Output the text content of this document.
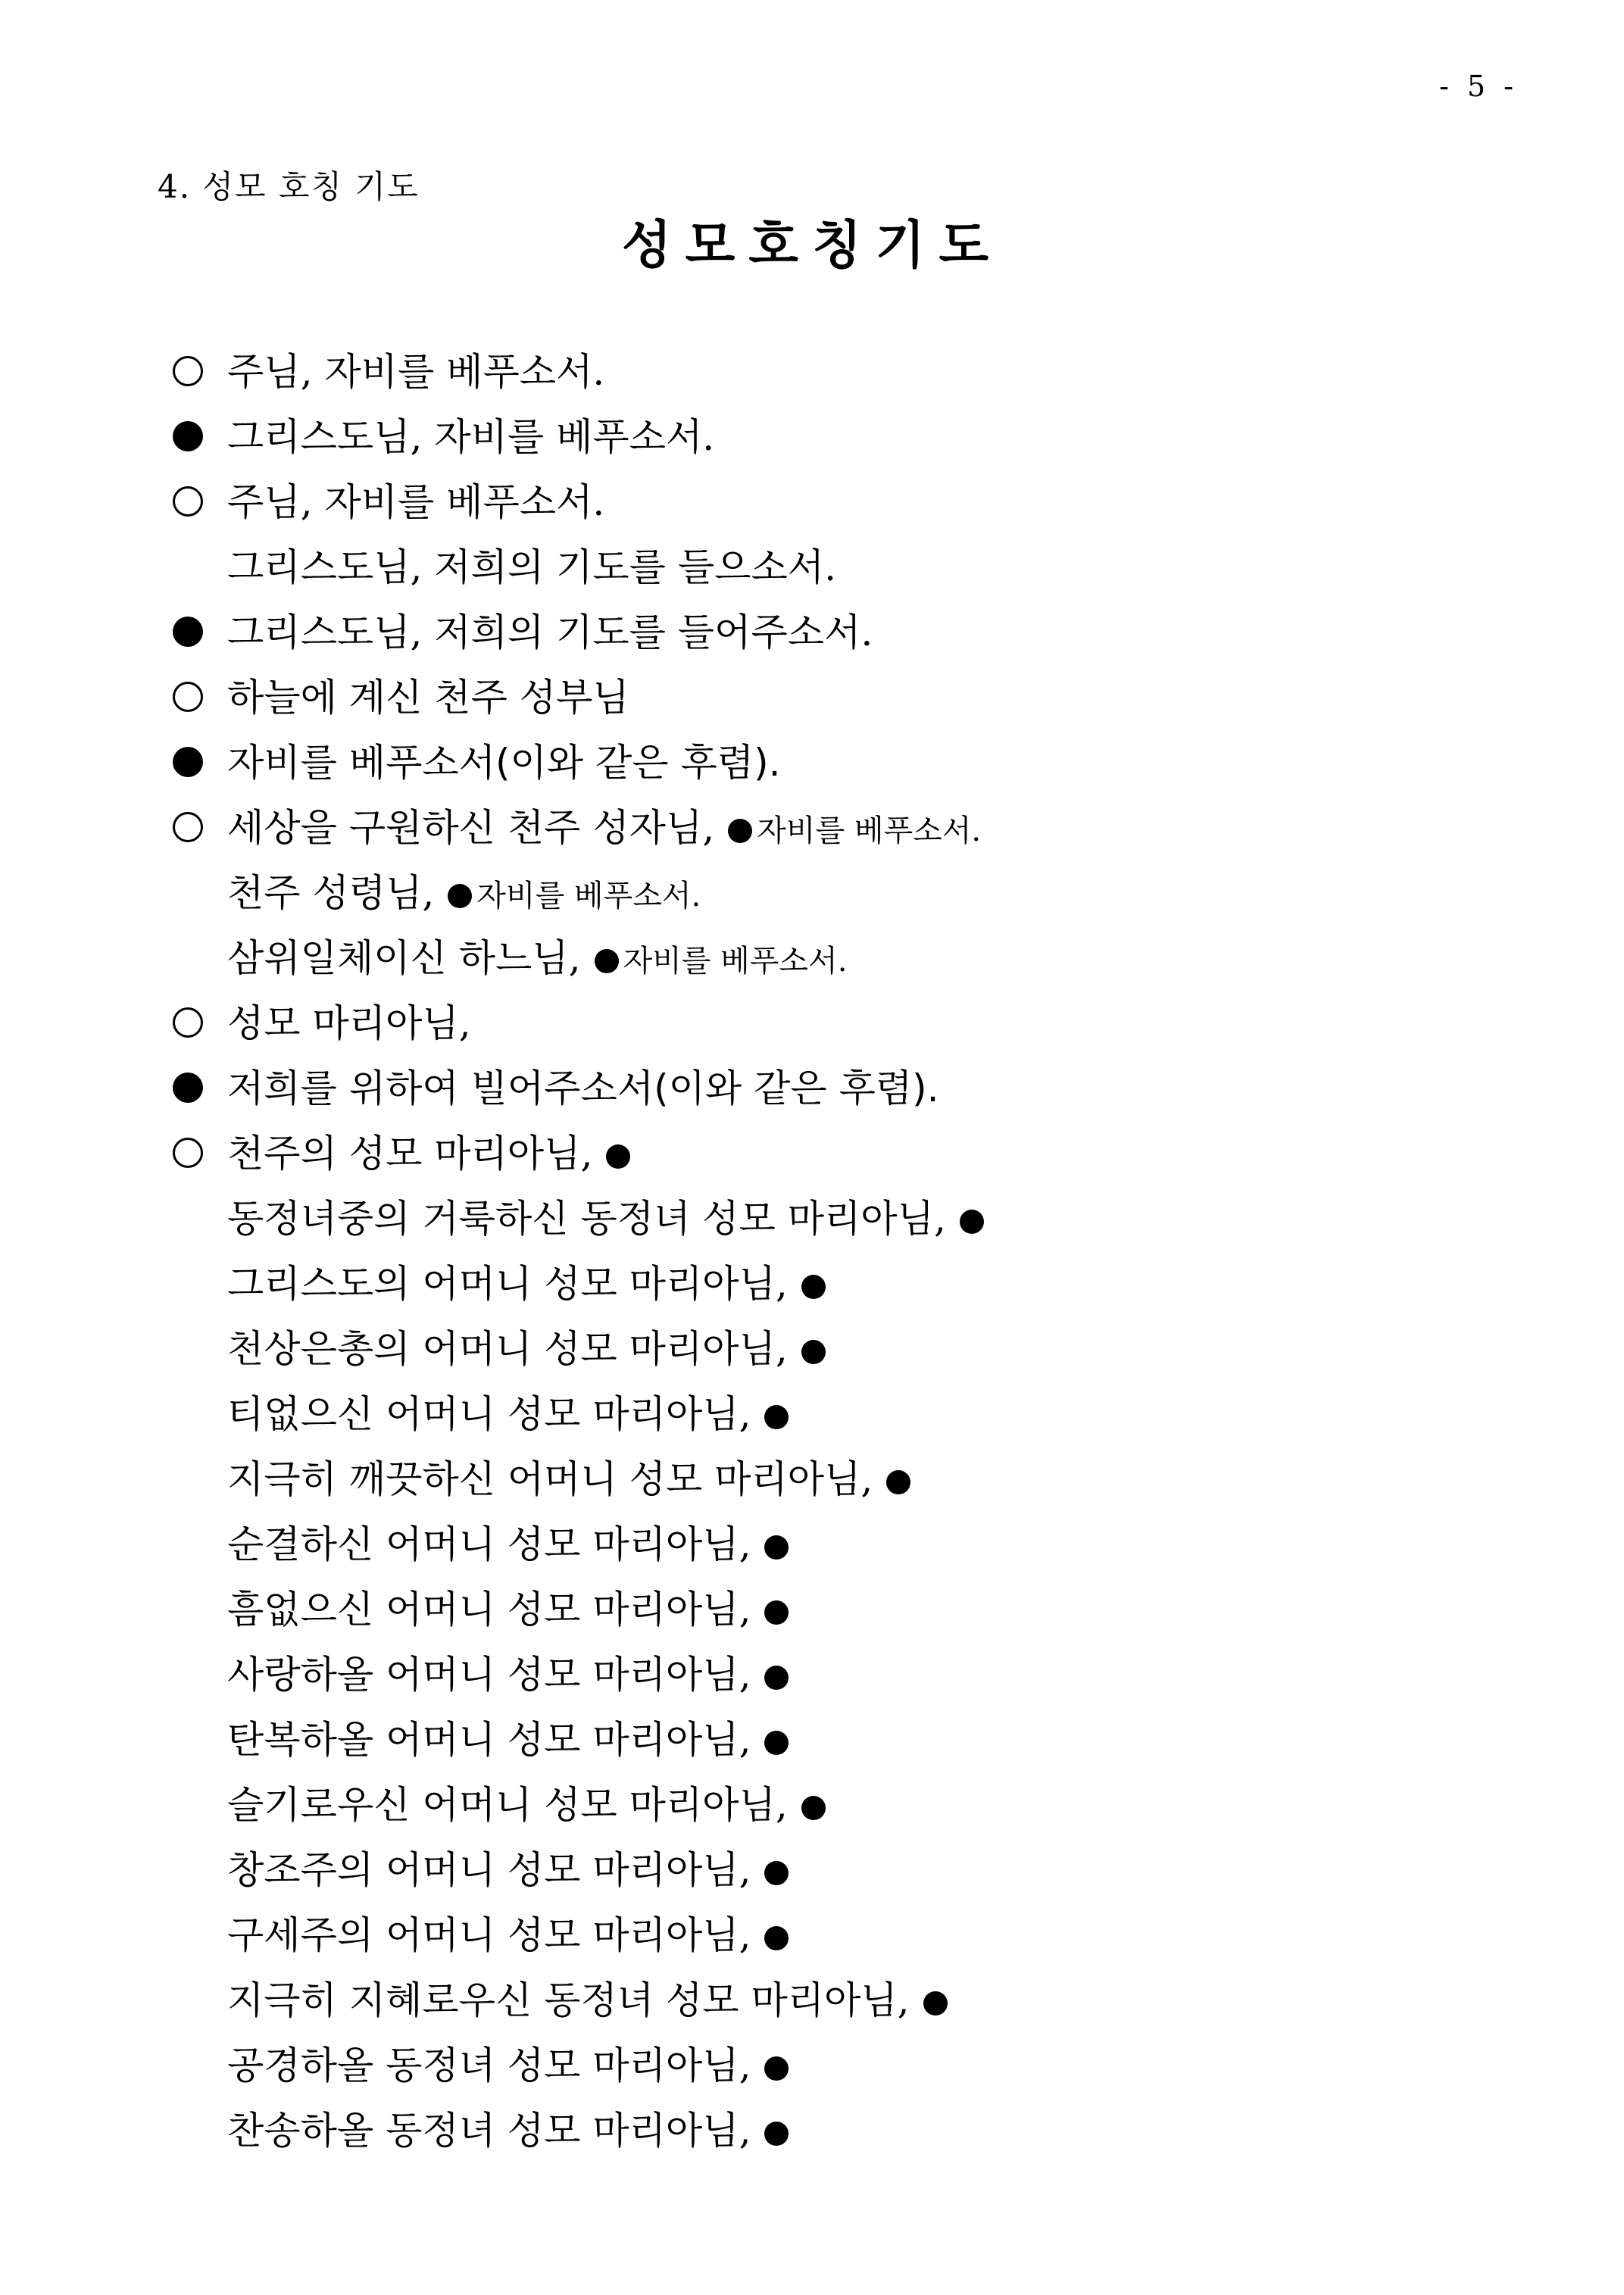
- 5 -
4. 성모 호칭 기도
성모호칭기도
주님, 자비를 베푸소서.
그리스도님, 자비를 베푸소서.
주님, 자비를 베푸소서.
그리스도님, 저희의 기도를 들으소서.
그리스도님, 저희의 기도를 들어주소서.
하늘에 계신 천주 성부님
자비를 베푸소서(이와 같은 후렴).
세상을 구원하신 천주 성자님, 자비를 베푸소서.
천주 성령님, 자비를 베푸소서.
삼위일체이신 하느님, 자비를 베푸소서.
성모 마리아님,
저희를 위하여 빌어주소서(이와 같은 후렴).
천주의 성모 마리아님,
동정녀중의 거룩하신 동정녀 성모 마리아님,
그리스도의 어머니 성모 마리아님,
천상은총의 어머니 성모 마리아님,
티없으신 어머니 성모 마리아님,
지극히 깨끗하신 어머니 성모 마리아님,
순결하신 어머니 성모 마리아님,
흠없으신 어머니 성모 마리아님,
사랑하올 어머니 성모 마리아님,
탄복하올 어머니 성모 마리아님,
슬기로우신 어머니 성모 마리아님,
창조주의 어머니 성모 마리아님,
구세주의 어머니 성모 마리아님,
지극히 지혜로우신 동정녀 성모 마리아님,
공경하올 동정녀 성모 마리아님,
찬송하올 동정녀 성모 마리아님,
